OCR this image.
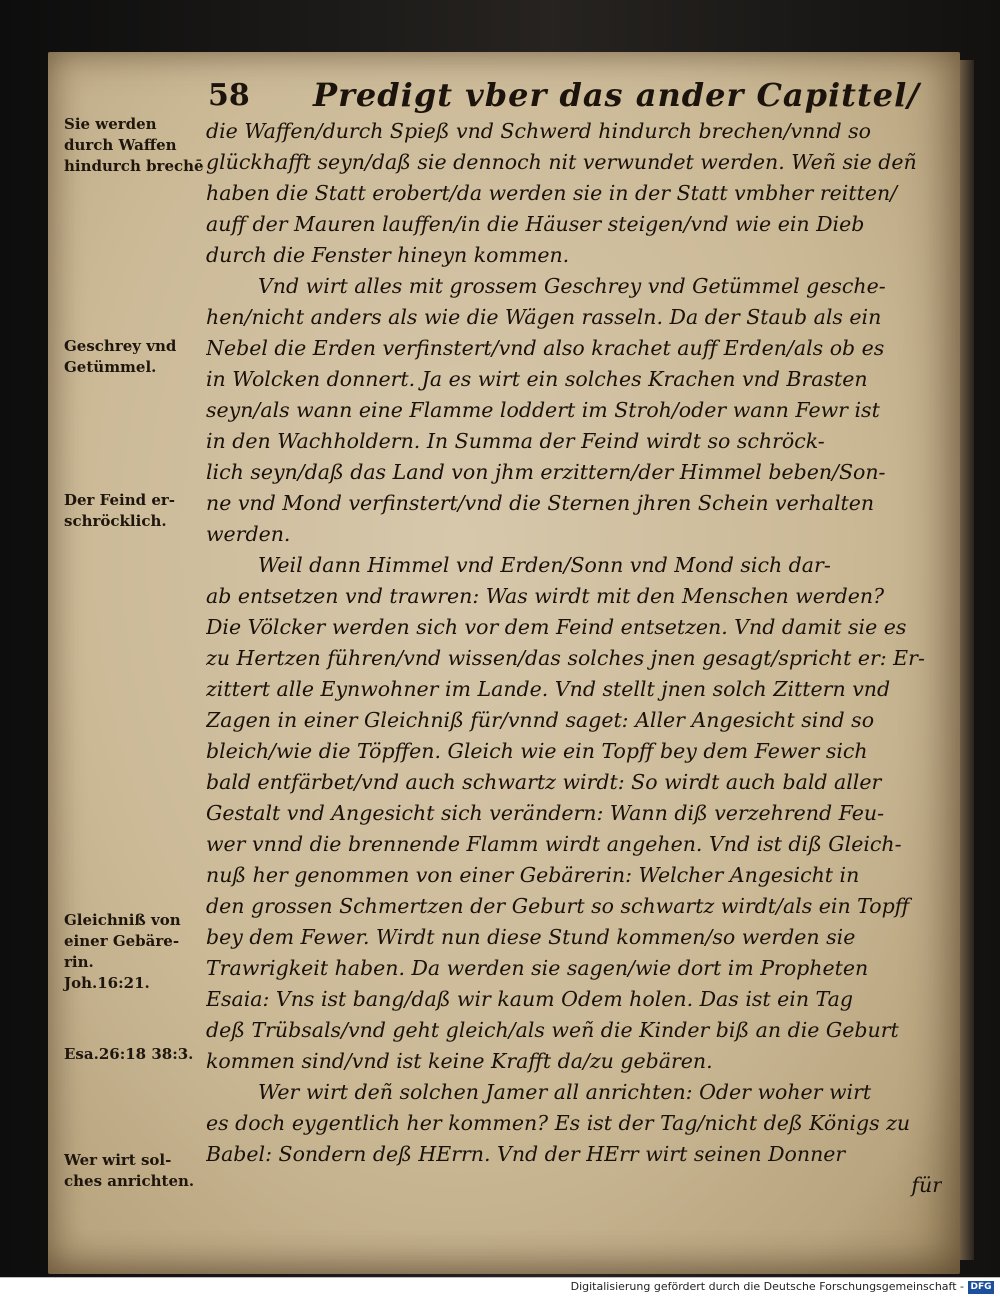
58 Predigt vber das ander Capittel/
Sie werden
durch Waffen
hindurch brechē
Geschrey vnd
Getümmel.
Der Feind er-
schröcklich.
Gleichniß von
einer Gebäre-
rin.
Joh.16:21.
Esa.26:18 38:3.
Wer wirt sol-
ches anrichten.
die Waffen/durch Spieß vnd Schwerd hindurch brechen/vnnd so
glückhafft seyn/daß sie dennoch nit verwundet werden. Weñ sie deñ
haben die Statt erobert/da werden sie in der Statt vmbher reitten/
auff der Mauren lauffen/in die Häuser steigen/vnd wie ein Dieb
durch die Fenster hineyn kommen.
Vnd wirt alles mit grossem Geschrey vnd Getümmel gesche-
hen/nicht anders als wie die Wägen rasseln. Da der Staub als ein
Nebel die Erden verfinstert/vnd also krachet auff Erden/als ob es
in Wolcken donnert. Ja es wirt ein solches Krachen vnd Brasten
seyn/als wann eine Flamme loddert im Stroh/oder wann Fewr ist
in den Wachholdern. In Summa der Feind wirdt so schröck-
lich seyn/daß das Land von jhm erzittern/der Himmel beben/Son-
ne vnd Mond verfinstert/vnd die Sternen jhren Schein verhalten
werden.
Weil dann Himmel vnd Erden/Sonn vnd Mond sich dar-
ab entsetzen vnd trawren: Was wirdt mit den Menschen werden?
Die Völcker werden sich vor dem Feind entsetzen. Vnd damit sie es
zu Hertzen führen/vnd wissen/das solches jnen gesagt/spricht er: Er-
zittert alle Eynwohner im Lande. Vnd stellt jnen solch Zittern vnd
Zagen in einer Gleichniß für/vnnd saget: Aller Angesicht sind so
bleich/wie die Töpffen. Gleich wie ein Topff bey dem Fewer sich
bald entfärbet/vnd auch schwartz wirdt: So wirdt auch bald aller
Gestalt vnd Angesicht sich verändern: Wann diß verzehrend Feu-
wer vnnd die brennende Flamm wirdt angehen. Vnd ist diß Gleich-
nuß her genommen von einer Gebärerin: Welcher Angesicht in
den grossen Schmertzen der Geburt so schwartz wirdt/als ein Topff
bey dem Fewer. Wirdt nun diese Stund kommen/so werden sie
Trawrigkeit haben. Da werden sie sagen/wie dort im Propheten
Esaia: Vns ist bang/daß wir kaum Odem holen. Das ist ein Tag
deß Trübsals/vnd geht gleich/als weñ die Kinder biß an die Geburt
kommen sind/vnd ist keine Krafft da/zu gebären.
Wer wirt deñ solchen Jamer all anrichten: Oder woher wirt
es doch eygentlich her kommen? Es ist der Tag/nicht deß Königs zu
Babel: Sondern deß HErrn. Vnd der HErr wirt seinen Donner
für
Digitalisierung gefördert durch die Deutsche Forschungsgemeinschaft - DFG
